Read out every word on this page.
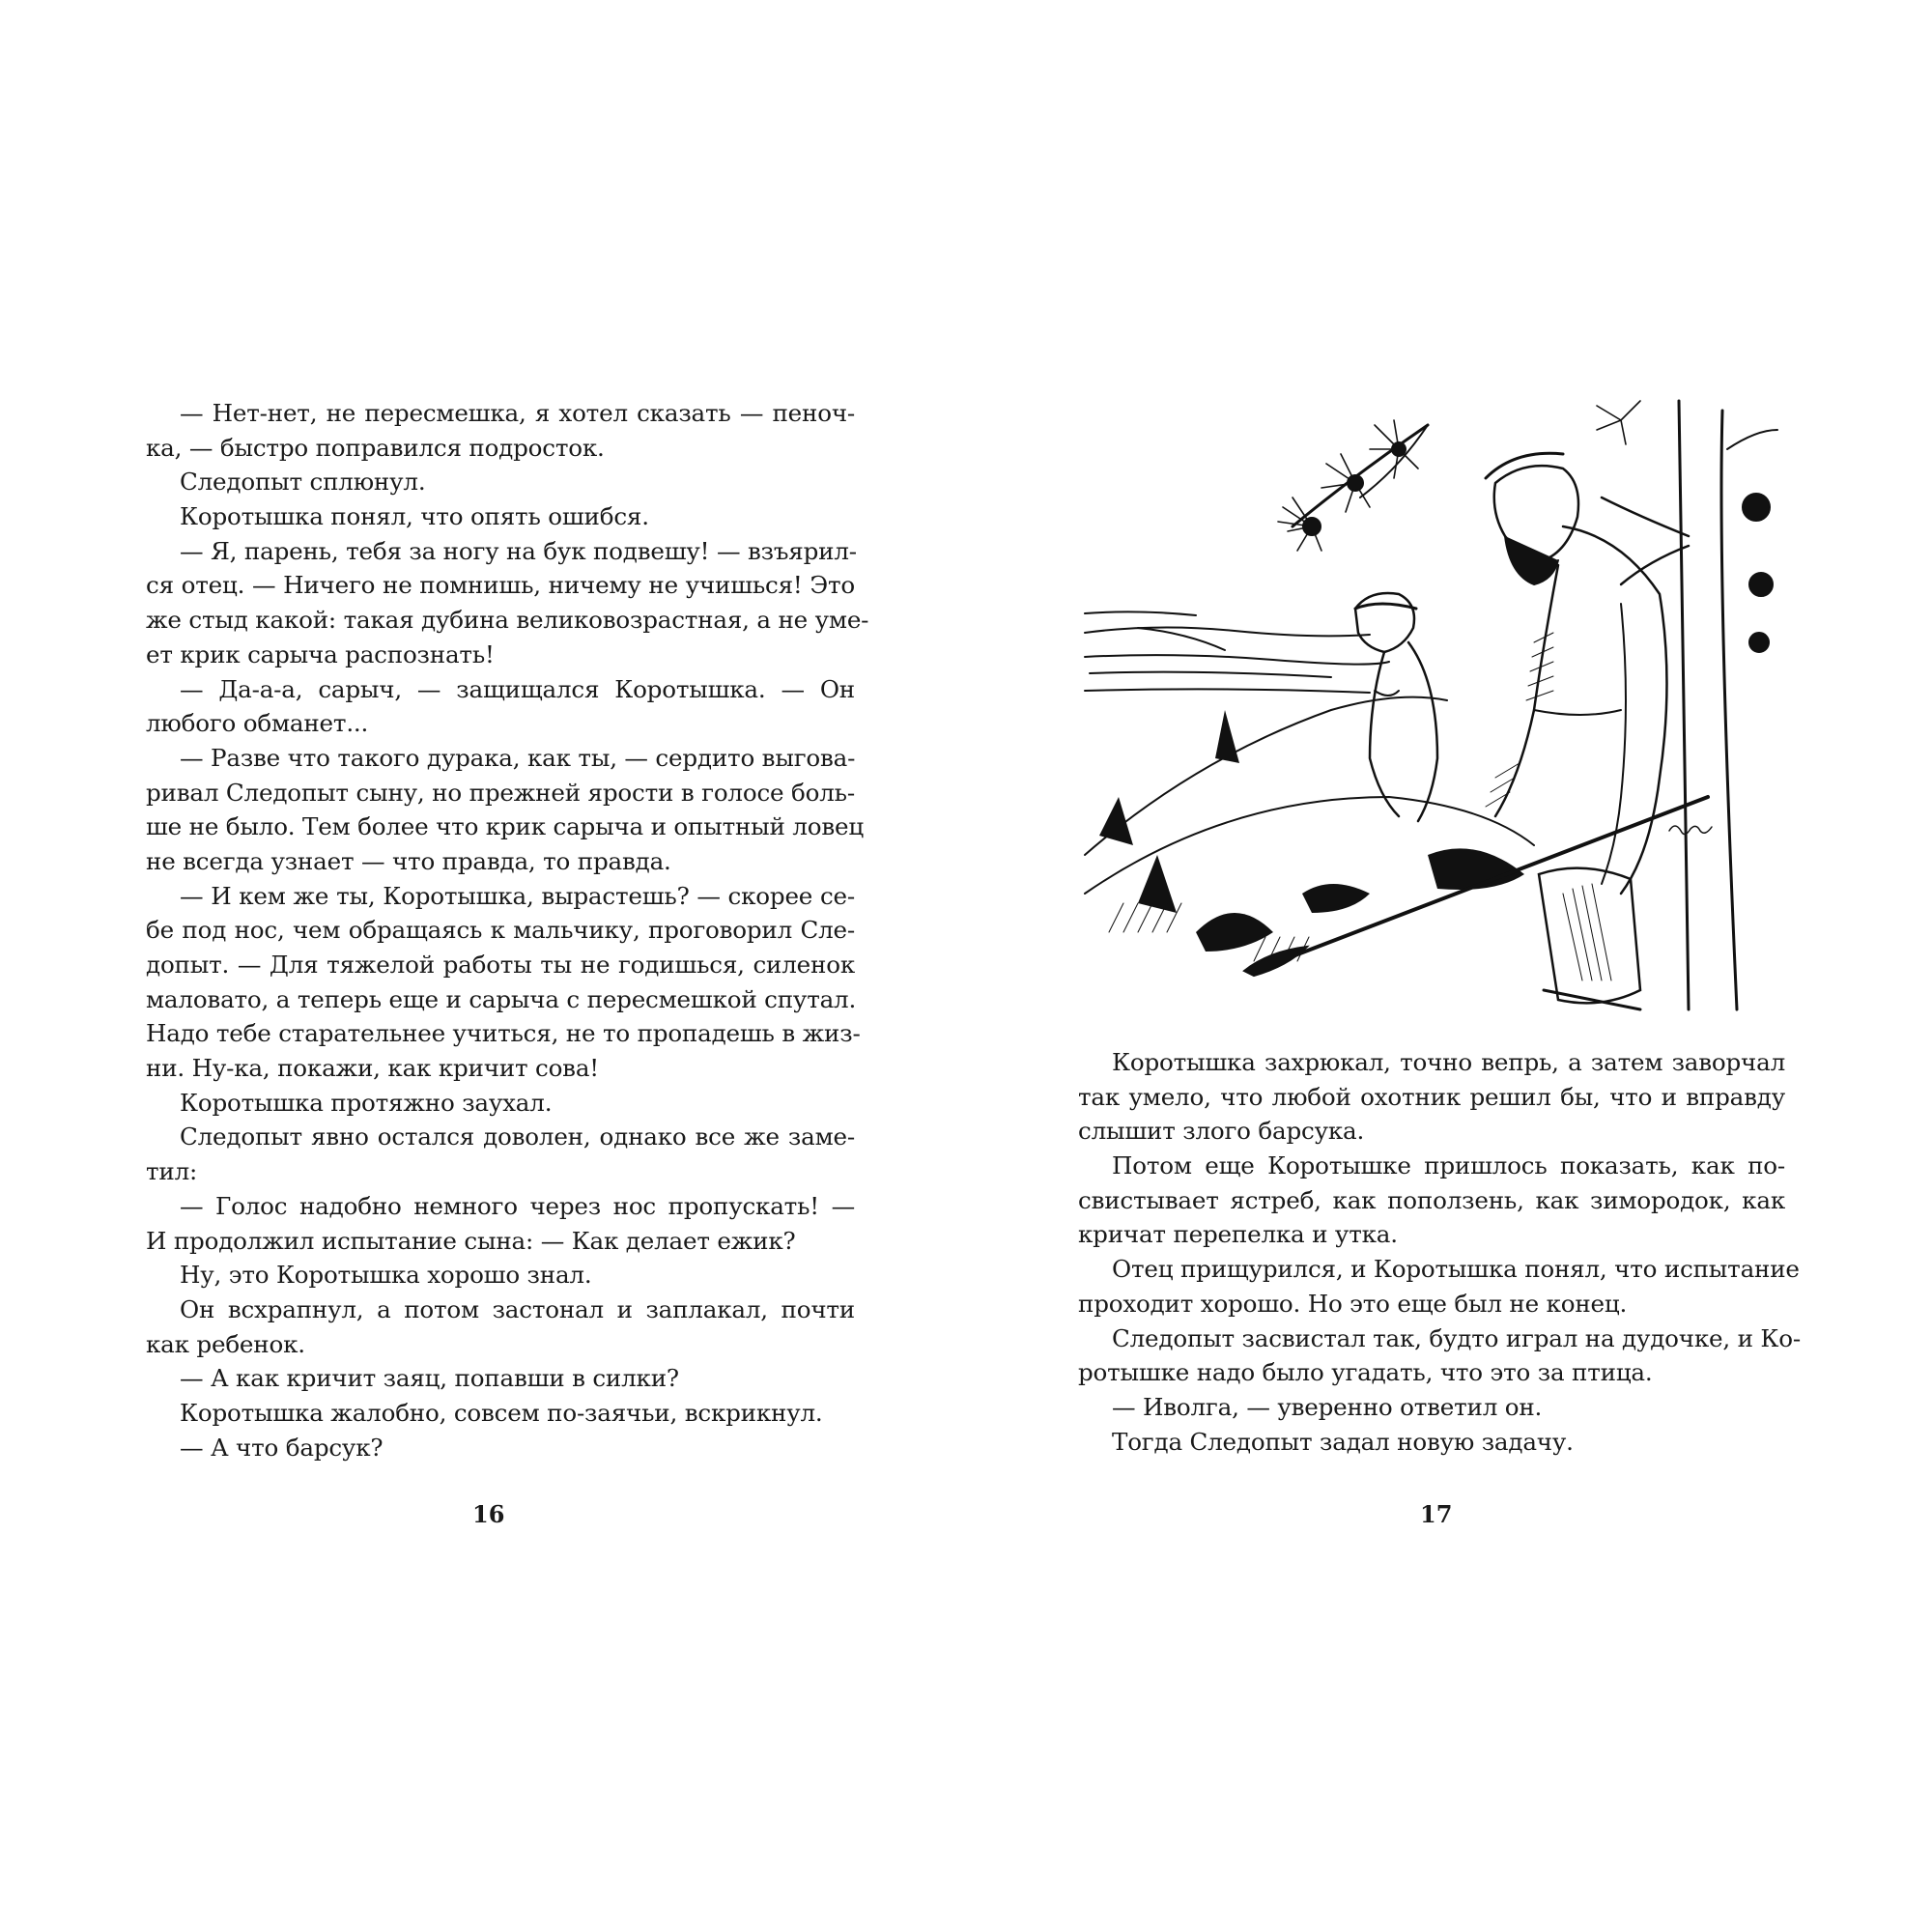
— Нет-нет, не пересмешка, я хотел сказать — пеноч-
ка, — быстро поправился подросток.
Следопыт сплюнул.
Коротышка понял, что опять ошибся.
— Я, парень, тебя за ногу на бук подвешу! — взъярил-
ся отец. — Ничего не помнишь, ничему не учишься! Это
же стыд какой: такая дубина великовозрастная, а не уме-
ет крик сарыча распознать!
— Да-а-а, сарыч, — защищался Коротышка. — Он
любого обманет...
— Разве что такого дурака, как ты, — сердито выгова-
ривал Следопыт сыну, но прежней ярости в голосе боль-
ше не было. Тем более что крик сарыча и опытный ловец
не всегда узнает — что правда, то правда.
— И кем же ты, Коротышка, вырастешь? — скорее се-
бе под нос, чем обращаясь к мальчику, проговорил Сле-
допыт. — Для тяжелой работы ты не годишься, силенок
маловато, а теперь еще и сарыча с пересмешкой спутал.
Надо тебе старательнее учиться, не то пропадешь в жиз-
ни. Ну-ка, покажи, как кричит сова!
Коротышка протяжно заухал.
Следопыт явно остался доволен, однако все же заме-
тил:
— Голос надобно немного через нос пропускать! —
И продолжил испытание сына: — Как делает ежик?
Ну, это Коротышка хорошо знал.
Он всхрапнул, а потом застонал и заплакал, почти
как ребенок.
— А как кричит заяц, попавши в силки?
Коротышка жалобно, совсем по-заячьи, вскрикнул.
— А что барсук?
16
Коротышка захрюкал, точно вепрь, а затем заворчал
так умело, что любой охотник решил бы, что и вправду
слышит злого барсука.
Потом еще Коротышке пришлось показать, как по-
свистывает ястреб, как поползень, как зимородок, как
кричат перепелка и утка.
Отец прищурился, и Коротышка понял, что испытание
проходит хорошо. Но это еще был не конец.
Следопыт засвистал так, будто играл на дудочке, и Ко-
ротышке надо было угадать, что это за птица.
— Иволга, — уверенно ответил он.
Тогда Следопыт задал новую задачу.
17
